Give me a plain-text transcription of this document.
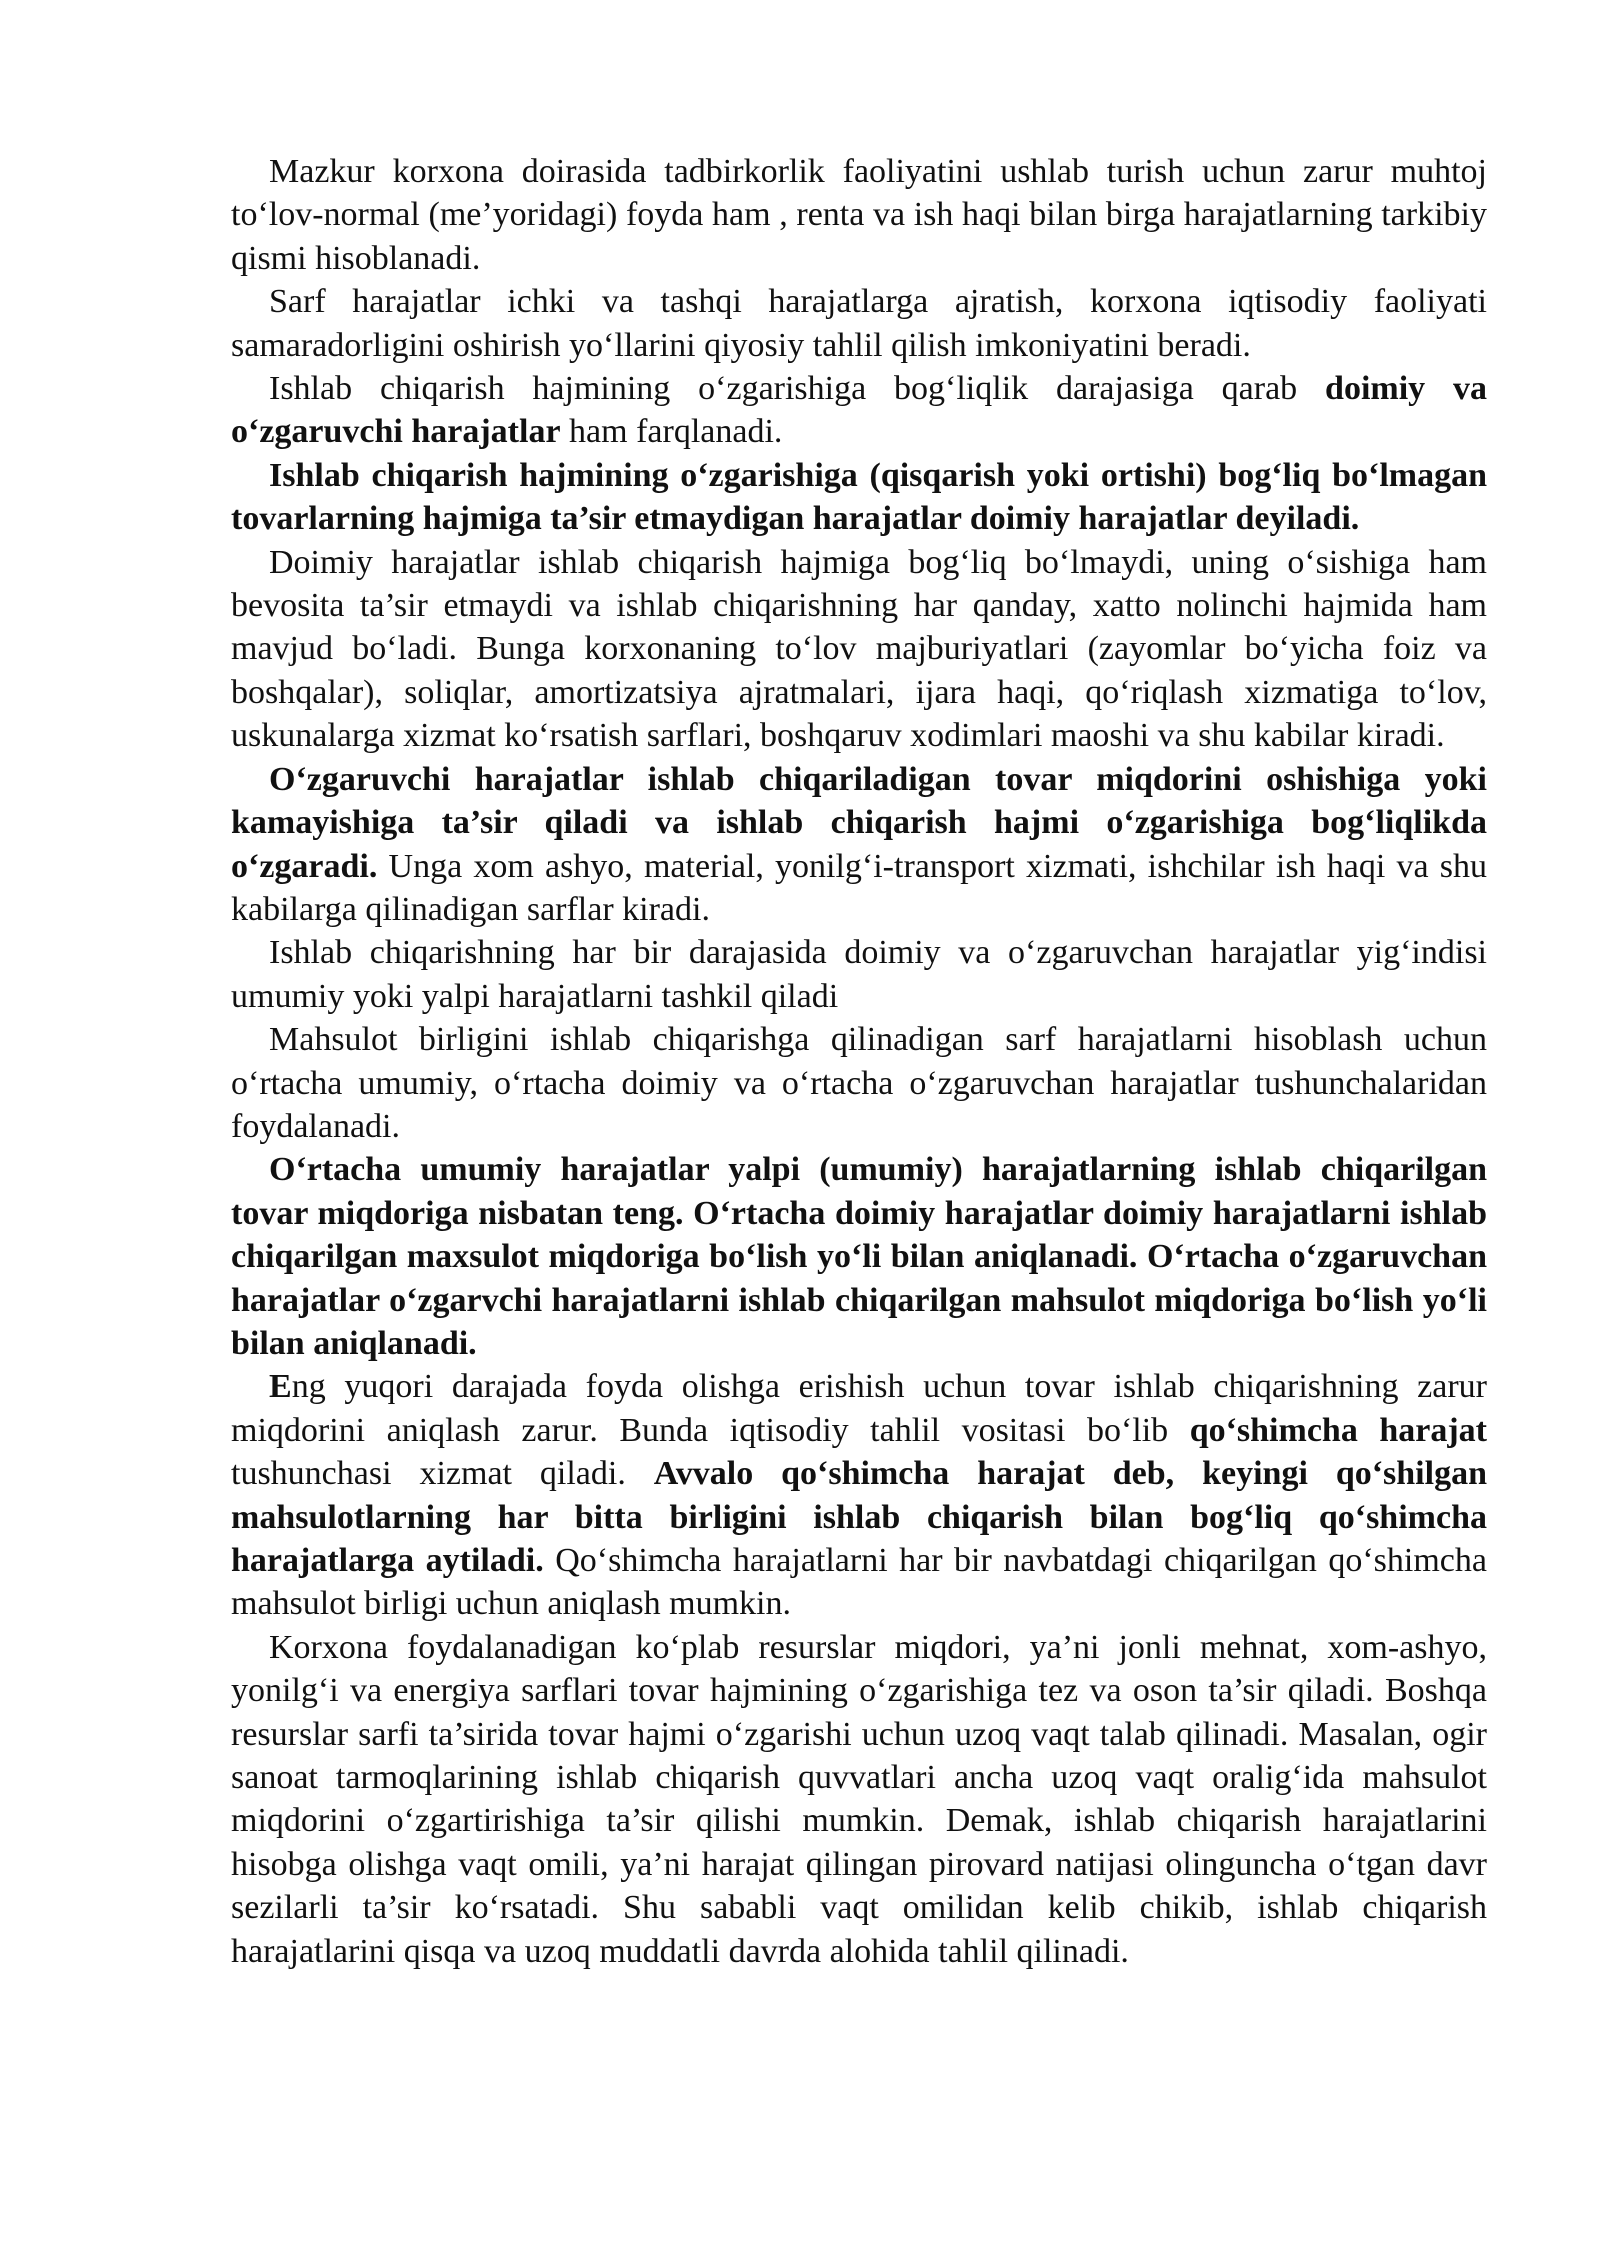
Mazkur korxona doirasida tadbirkorlik faoliyatini ushlab turish uchun zarur muhtoj to‘lov-normal (me’yoridagi) foyda ham , renta va ish haqi bilan birga harajatlarning tarkibiy qismi hisoblanadi.

Sarf harajatlar ichki va tashqi harajatlarga ajratish, korxona iqtisodiy faoliyati samaradorligini oshirish yo‘llarini qiyosiy tahlil qilish imkoniyatini beradi.

Ishlab chiqarish hajmining o‘zgarishiga bog‘liqlik darajasiga qarab doimiy va o‘zgaruvchi harajatlar ham farqlanadi.

Ishlab chiqarish hajmining o‘zgarishiga (qisqarish yoki ortishi) bog‘liq bo‘lmagan tovarlarning hajmiga ta’sir etmaydigan harajatlar doimiy harajatlar deyiladi.

Doimiy harajatlar ishlab chiqarish hajmiga bog‘liq bo‘lmaydi, uning o‘sishiga ham bevosita ta’sir etmaydi va ishlab chiqarishning har qanday, xatto nolinchi hajmida ham mavjud bo‘ladi. Bunga korxonaning to‘lov majburiyatlari (zayomlar bo‘yicha foiz va boshqalar), soliqlar, amortizatsiya ajratmalari, ijara haqi, qo‘riqlash xizmatiga to‘lov, uskunalarga xizmat ko‘rsatish sarflari, boshqaruv xodimlari maoshi va shu kabilar kiradi.

O‘zgaruvchi harajatlar ishlab chiqariladigan tovar miqdorini oshishiga yoki kamayishiga ta’sir qiladi va ishlab chiqarish hajmi o‘zgarishiga bog‘liqlikda o‘zgaradi. Unga xom ashyo, material, yonilg‘i-transport xizmati, ishchilar ish haqi va shu kabilarga qilinadigan sarflar kiradi.

Ishlab chiqarishning har bir darajasida doimiy va o‘zgaruvchan harajatlar yig‘indisi umumiy yoki yalpi harajatlarni tashkil qiladi

Mahsulot birligini ishlab chiqarishga qilinadigan sarf harajatlarni hisoblash uchun o‘rtacha umumiy, o‘rtacha doimiy va o‘rtacha o‘zgaruvchan harajatlar tushunchalaridan foydalanadi.

O‘rtacha umumiy harajatlar yalpi (umumiy) harajatlarning ishlab chiqarilgan tovar miqdoriga nisbatan teng. O‘rtacha doimiy harajatlar doimiy harajatlarni ishlab chiqarilgan maxsulot miqdoriga bo‘lish yo‘li bilan aniqlanadi. O‘rtacha o‘zgaruvchan harajatlar o‘zgarvchi harajatlarni ishlab chiqarilgan mahsulot miqdoriga bo‘lish yo‘li bilan aniqlanadi.

Eng yuqori darajada foyda olishga erishish uchun tovar ishlab chiqarishning zarur miqdorini aniqlash zarur. Bunda iqtisodiy tahlil vositasi bo‘lib qo‘shimcha harajat tushunchasi xizmat qiladi. Avvalo qo‘shimcha harajat deb, keyingi qo‘shilgan mahsulotlarning har bitta birligini ishlab chiqarish bilan bog‘liq qo‘shimcha harajatlarga aytiladi. Qo‘shimcha harajatlarni har bir navbatdagi chiqarilgan qo‘shimcha mahsulot birligi uchun aniqlash mumkin.

Korxona foydalanadigan ko‘plab resurslar miqdori, ya’ni jonli mehnat, xom-ashyo, yonilg‘i va energiya sarflari tovar hajmining o‘zgarishiga tez va oson ta’sir qiladi. Boshqa resurslar sarfi ta’sirida tovar hajmi o‘zgarishi uchun uzoq vaqt talab qilinadi. Masalan, ogir sanoat tarmoqlarining ishlab chiqarish quvvatlari ancha uzoq vaqt oralig‘ida mahsulot miqdorini o‘zgartirishiga ta’sir qilishi mumkin. Demak, ishlab chiqarish harajatlarini hisobga olishga vaqt omili, ya’ni harajat qilingan pirovard natijasi olinguncha o‘tgan davr sezilarli ta’sir ko‘rsatadi. Shu sababli vaqt omilidan kelib chikib, ishlab chiqarish harajatlarini qisqa va uzoq muddatli davrda alohida tahlil qilinadi.
